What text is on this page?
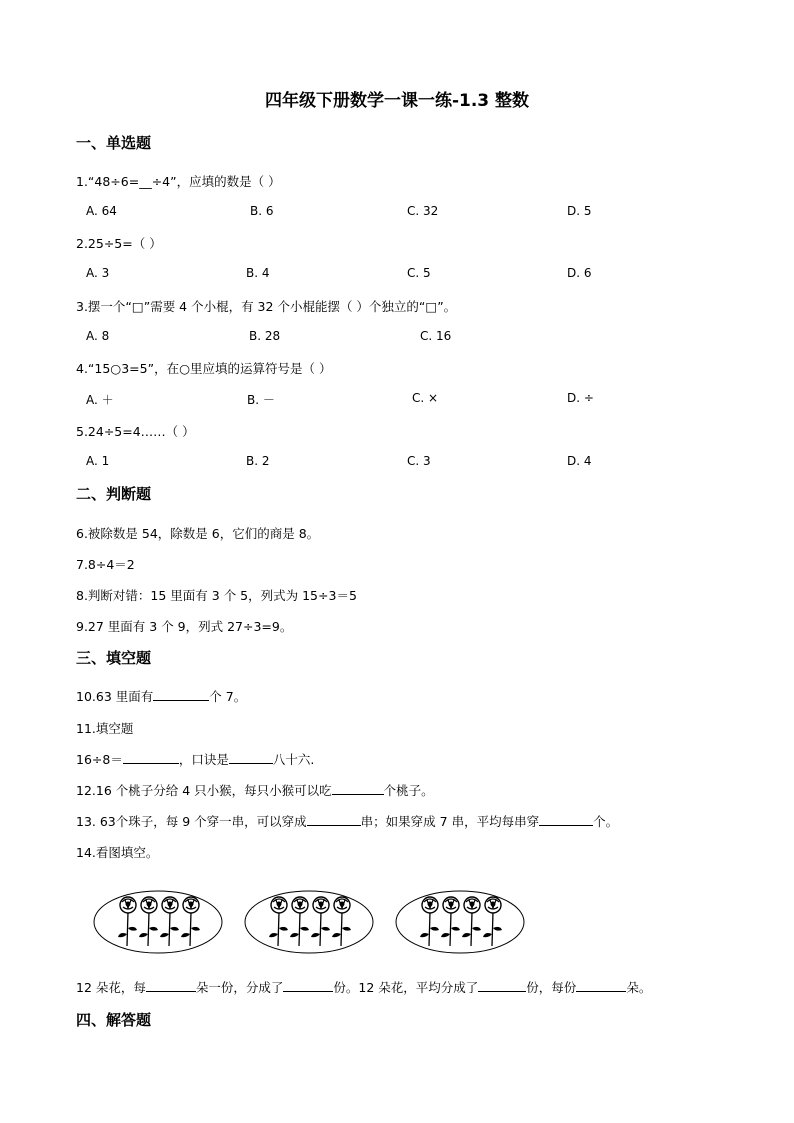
四年级下册数学一课一练-1.3 整数
一、单选题
1.“48÷6=__÷4”，应填的数是（ ）
A. 64	B. 6	C. 32	D. 5
2.25÷5=（ ）
A. 3	B. 4	C. 5	D. 6
3.摆一个“□”需要 4 个小棍，有 32 个小棍能摆（ ）个独立的“□”。
A. 8	B. 28	C. 16
4.“15○3=5”，在○里应填的运算符号是（ ）
A. ＋	B. －	C. ×	D. ÷
5.24÷5=4……（ ）
A. 1	B. 2	C. 3	D. 4
二、判断题
6.被除数是 54，除数是 6，它们的商是 8。
7.8÷4＝2
8.判断对错：15 里面有 3 个 5，列式为 15÷3＝5
9.27 里面有 3 个 9，列式 27÷3=9。
三、填空题
10.63 里面有	个 7。
11.填空题
16÷8＝	，口诀是	八十六.
12.16 个桃子分给 4 只小猴，每只小猴可以吃	个桃子。
13. 63个珠子，每 9 个穿一串，可以穿成	串；如果穿成 7 串，平均每串穿	个。
14.看图填空。
12 朵花，每	朵一份，分成了	份。12 朵花，平均分成了	份，每份	朵。
四、解答题
